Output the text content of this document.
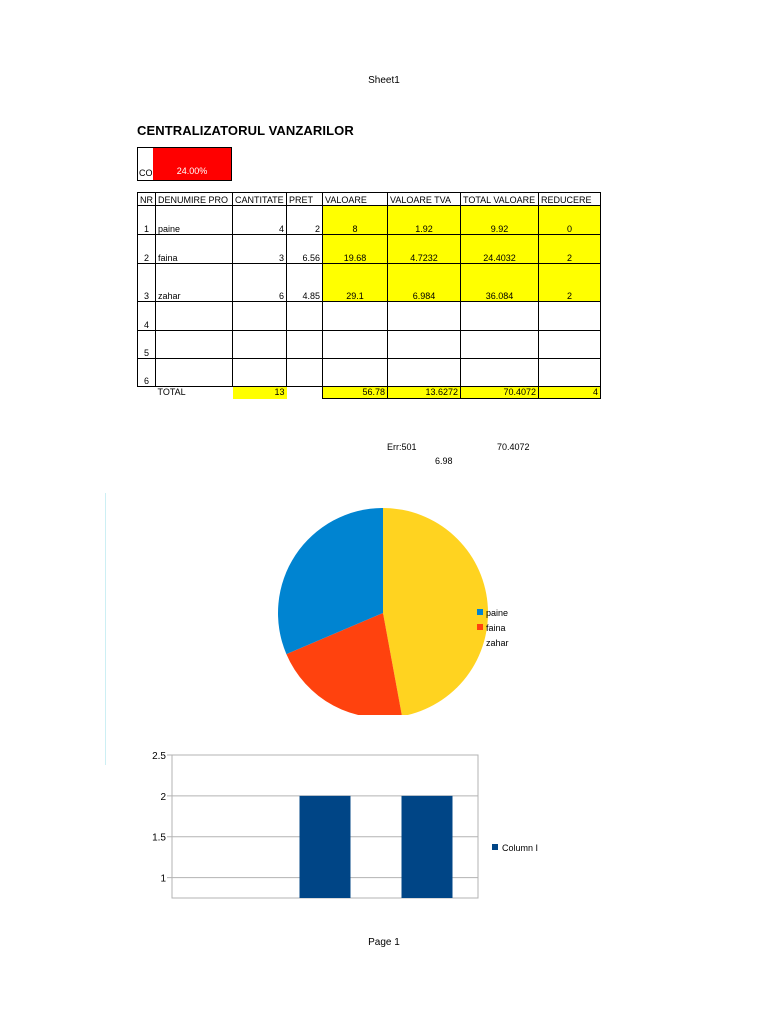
Sheet1
CENTRALIZATORUL VANZARILOR
CO	24.00%
NR	DENUMIRE PRO	CANTITATE	PRET	VALOARE	VALOARE TVA	TOTAL VALOARE	REDUCERE
1	paine	4	2	8	1.92	9.92	0
2	faina	3	6.56	19.68	4.7232	24.4032	2
3	zahar	6	4.85	29.1	6.984	36.084	2
4							
5							
6							
	TOTAL	13		56.78	13.6272	70.4072	4
Err:501	70.4072
6.98
paine
faina
zahar
1
1.5
2
2.5
Column I
Page 1
